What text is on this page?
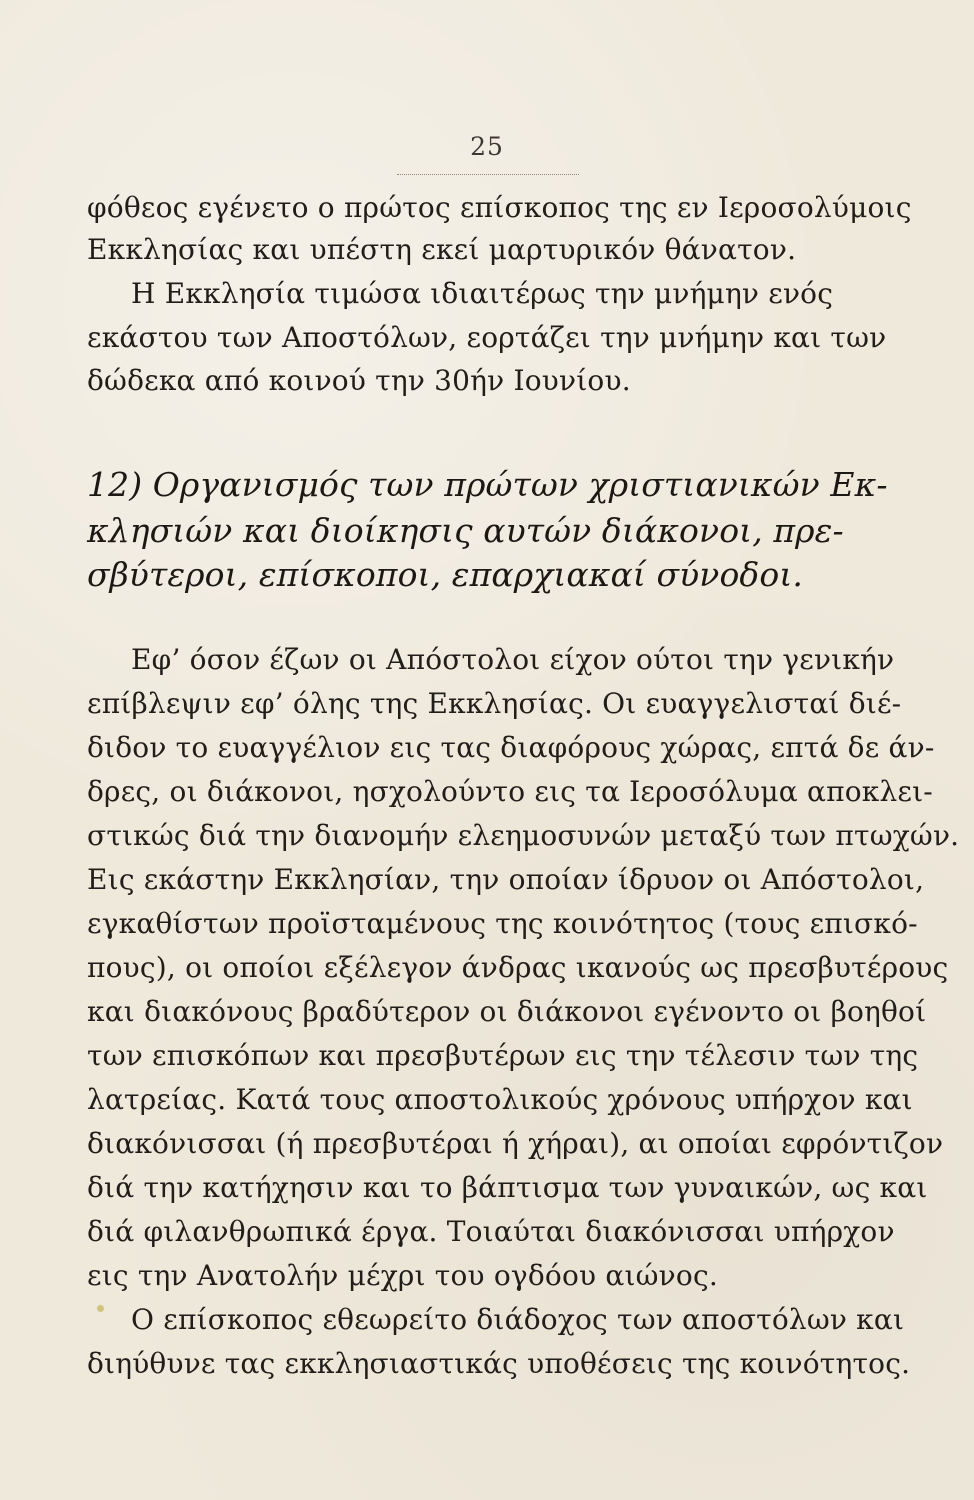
25
φόθεος εγένετο ο πρώτος επίσκοπος της εν Ιεροσολύμοις
Εκκλησίας και υπέστη εκεί μαρτυρικόν θάνατον.
Η Εκκλησία τιμώσα ιδιαιτέρως την μνήμην ενός
εκάστου των Αποστόλων, εορτάζει την μνήμην και των
δώδεκα από κοινού την 30ήν Ιουνίου.
12) Οργανισμός των πρώτων χριστιανικών Εκ-
κλησιών και διοίκησις αυτών διάκονοι, πρε-
σβύτεροι, επίσκοποι, επαρχιακαί σύνοδοι.
Εφ’ όσον έζων οι Απόστολοι είχον ούτοι την γενικήν
επίβλεψιν εφ’ όλης της Εκκλησίας. Οι ευαγγελισταί διέ-
διδον το ευαγγέλιον εις τας διαφόρους χώρας, επτά δε άν-
δρες, οι διάκονοι, ησχολούντο εις τα Ιεροσόλυμα αποκλει-
στικώς διά την διανομήν ελεημοσυνών μεταξύ των πτωχών.
Εις εκάστην Εκκλησίαν, την οποίαν ίδρυον οι Απόστολοι,
εγκαθίστων προϊσταμένους της κοινότητος (τους επισκό-
πους), οι οποίοι εξέλεγον άνδρας ικανούς ως πρεσβυτέρους
και διακόνους βραδύτερον οι διάκονοι εγένοντο οι βοηθοί
των επισκόπων και πρεσβυτέρων εις την τέλεσιν των της
λατρείας. Κατά τους αποστολικούς χρόνους υπήρχον και
διακόνισσαι (ή πρεσβυτέραι ή χήραι), αι οποίαι εφρόντιζον
διά την κατήχησιν και το βάπτισμα των γυναικών, ως και
διά φιλανθρωπικά έργα. Τοιαύται διακόνισσαι υπήρχον
εις την Ανατολήν μέχρι του ογδόου αιώνος.
Ο επίσκοπος εθεωρείτο διάδοχος των αποστόλων και
διηύθυνε τας εκκλησιαστικάς υποθέσεις της κοινότητος.
